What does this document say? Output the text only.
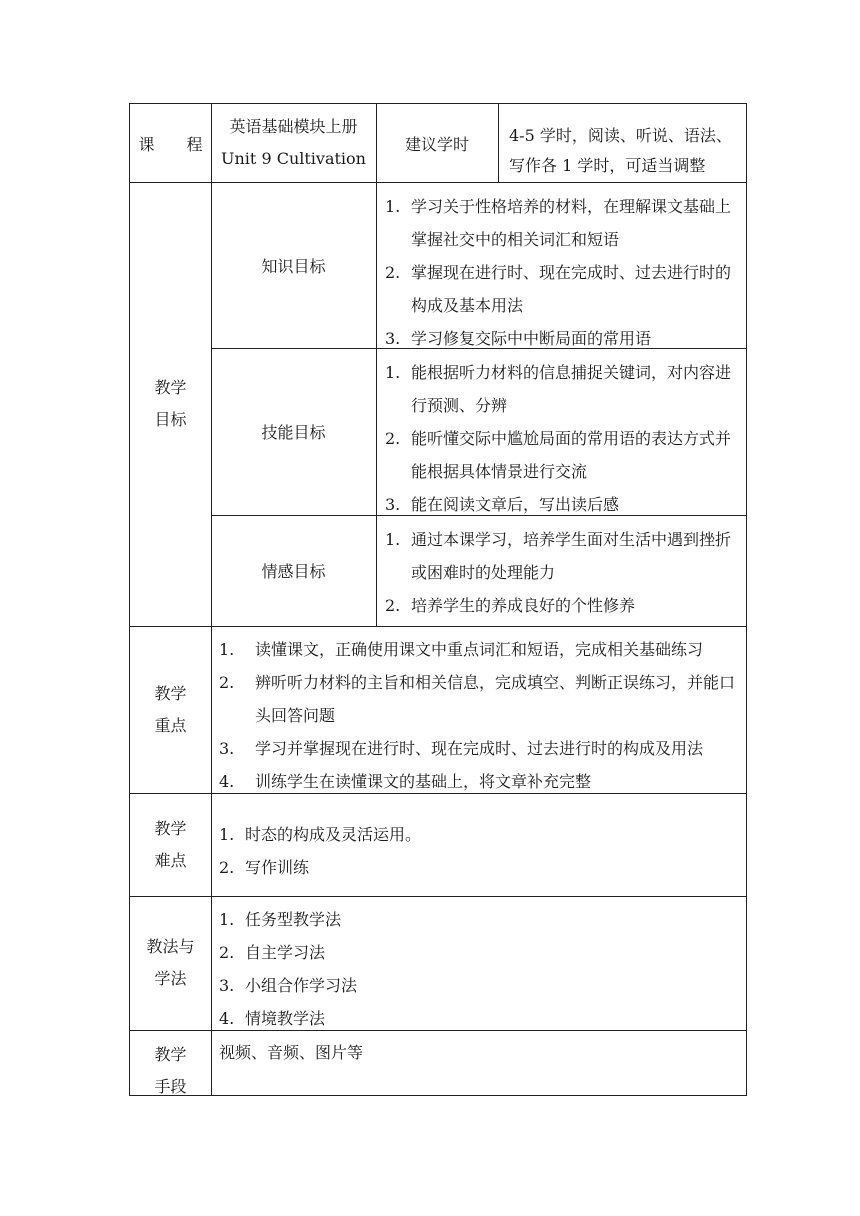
课　　程
英语基础模块上册
Unit 9 Cultivation
建议学时	4-5 学时，阅读、听说、语法、
写作各 1 学时，可适当调整
教学
目标
知识目标
1. 学习关于性格培养的材料，在理解课文基础上掌握社交中的相关词汇和短语
2. 掌握现在进行时、现在完成时、过去进行时的构成及基本用法
3. 学习修复交际中中断局面的常用语
技能目标
1. 能根据听力材料的信息捕捉关键词，对内容进行预测、分辨
2. 能听懂交际中尴尬局面的常用语的表达方式并能根据具体情景进行交流
3. 能在阅读文章后，写出读后感
情感目标
1. 通过本课学习，培养学生面对生活中遇到挫折或困难时的处理能力
2. 培养学生的养成良好的个性修养
教学
重点
1. 读懂课文，正确使用课文中重点词汇和短语，完成相关基础练习
2. 辨听听力材料的主旨和相关信息，完成填空、判断正误练习，并能口头回答问题
3. 学习并掌握现在进行时、现在完成时、过去进行时的构成及用法
4. 训练学生在读懂课文的基础上，将文章补充完整
教学
难点
1. 时态的构成及灵活运用。
2. 写作训练
教法与
学法
1. 任务型教学法
2. 自主学习法
3. 小组合作学习法
4. 情境教学法
教学
手段
视频、音频、图片等
